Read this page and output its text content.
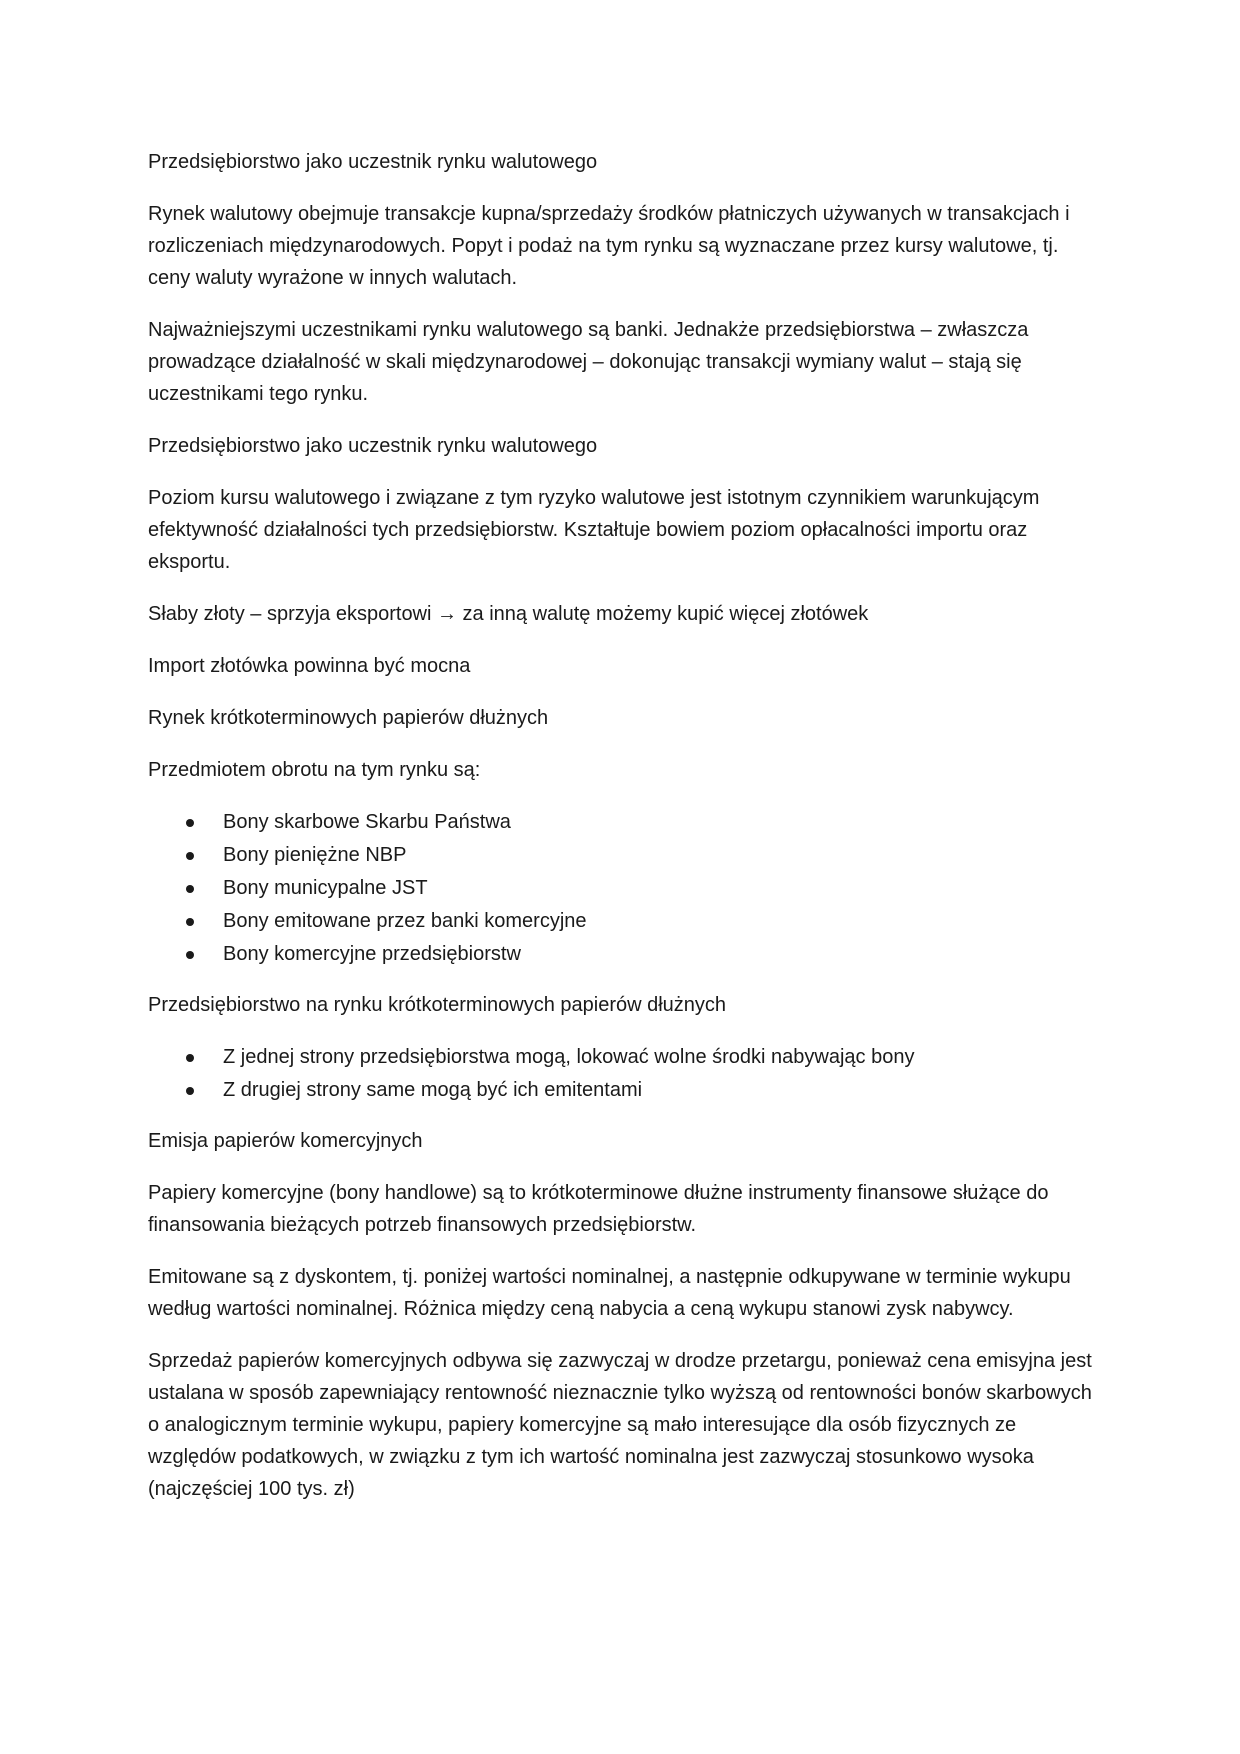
Przedsiębiorstwo jako uczestnik rynku walutowego

Rynek walutowy obejmuje transakcje kupna/sprzedaży środków płatniczych używanych w transakcjach i rozliczeniach międzynarodowych. Popyt i podaż na tym rynku są wyznaczane przez kursy walutowe, tj. ceny waluty wyrażone w innych walutach.

Najważniejszymi uczestnikami rynku walutowego są banki. Jednakże przedsiębiorstwa – zwłaszcza prowadzące działalność w skali międzynarodowej – dokonując transakcji wymiany walut – stają się uczestnikami tego rynku.

Przedsiębiorstwo jako uczestnik rynku walutowego

Poziom kursu walutowego i związane z tym ryzyko walutowe jest istotnym czynnikiem warunkującym efektywność działalności tych przedsiębiorstw. Kształtuje bowiem poziom opłacalności importu oraz eksportu.

Słaby złoty – sprzyja eksportowi → za inną walutę możemy kupić więcej złotówek

Import złotówka powinna być mocna

Rynek krótkoterminowych papierów dłużnych

Przedmiotem obrotu na tym rynku są:

Bony skarbowe Skarbu Państwa
Bony pieniężne NBP
Bony municypalne JST
Bony emitowane przez banki komercyjne
Bony komercyjne przedsiębiorstw

Przedsiębiorstwo na rynku krótkoterminowych papierów dłużnych

Z jednej strony przedsiębiorstwa mogą, lokować wolne środki nabywając bony
Z drugiej strony same mogą być ich emitentami

Emisja papierów komercyjnych

Papiery komercyjne (bony handlowe) są to krótkoterminowe dłużne instrumenty finansowe służące do finansowania bieżących potrzeb finansowych przedsiębiorstw.

Emitowane są z dyskontem, tj. poniżej wartości nominalnej, a następnie odkupywane w terminie wykupu według wartości nominalnej. Różnica między ceną nabycia a ceną wykupu stanowi zysk nabywcy.

Sprzedaż papierów komercyjnych odbywa się zazwyczaj w drodze przetargu, ponieważ cena emisyjna jest ustalana w sposób zapewniający rentowność nieznacznie tylko wyższą od rentowności bonów skarbowych o analogicznym terminie wykupu, papiery komercyjne są mało interesujące dla osób fizycznych ze względów podatkowych, w związku z tym ich wartość nominalna jest zazwyczaj stosunkowo wysoka (najczęściej 100 tys. zł)
